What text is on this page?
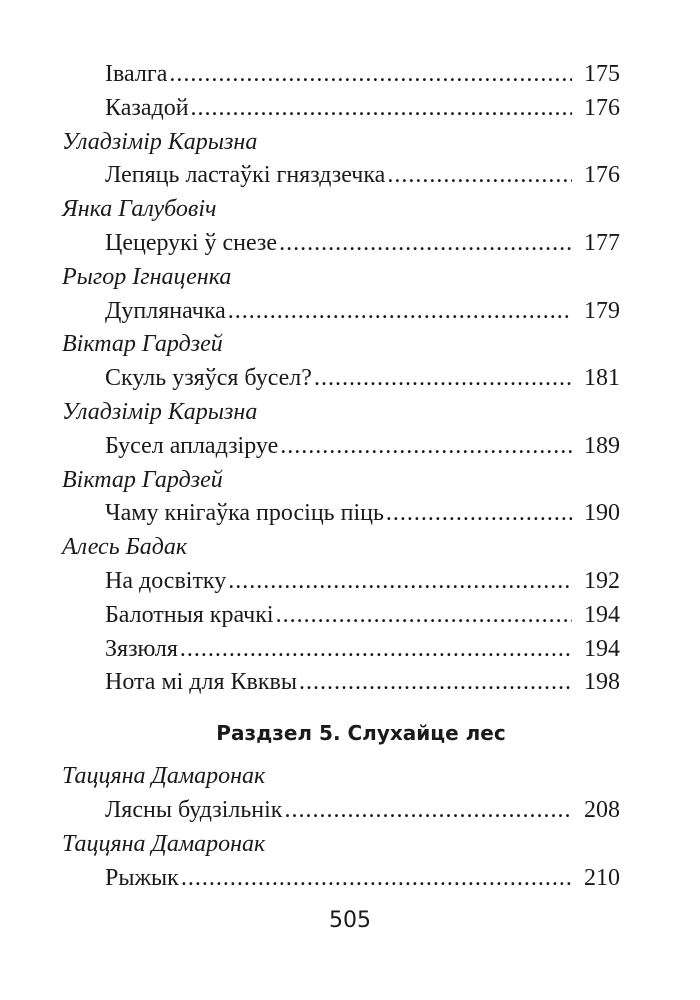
Івалга .....	175
Казадой .....	176
Уладзімір Карызна
Лепяць ластаўкі гняздзечка .....	176
Янка Галубовіч
Цецерукі ў снезе .....	177
Рыгор Ігнаценка
Дупляначка .....	179
Віктар Гардзей
Скуль узяўся бусел? .....	181
Уладзімір Карызна
Бусел апладзіруе .....	189
Віктар Гардзей
Чаму кнігаўка просіць піць .....	190
Алесь Бадак
На досвітку .....	192
Балотныя крачкі .....	194
Зязюля .....	194
Нота мі для Квквы .....	198
Раздзел 5. Слухайце лес
Таццяна Дамаронак
Лясны будзільнік .....	208
Таццяна Дамаронак
Рыжык .....	210
505
